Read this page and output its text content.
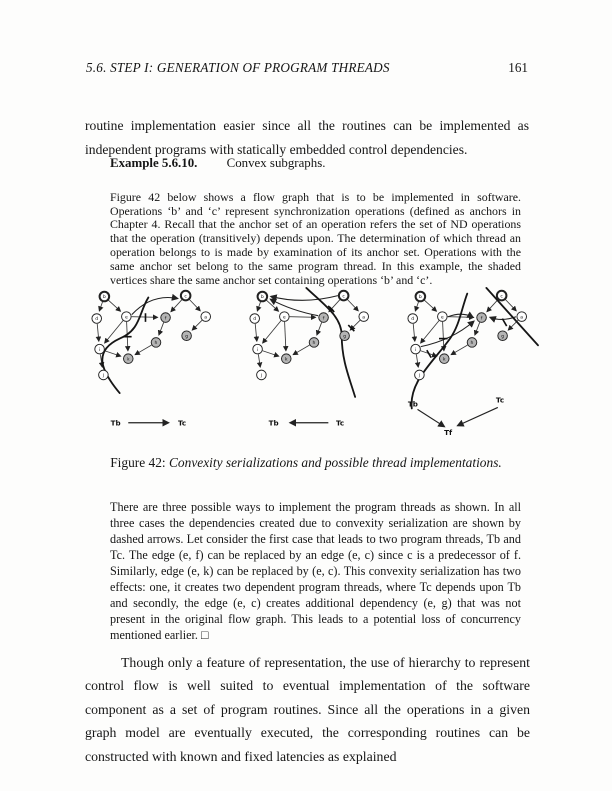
5.6. STEP I: GENERATION OF PROGRAM THREADS	161

routine implementation easier since all the routines can be implemented as independent programs with statically embedded control dependencies.

Example 5.6.10. Convex subgraphs.

Figure 42 below shows a flow graph that is to be implemented in software. Operations ‘b’ and ‘c’ represent synchronization operations (defined as anchors in Chapter 4. Recall that the anchor set of an operation refers the set of ND operations that the operation (transitively) depends upon. The determination of which thread an operation belongs to is made by examination of its anchor set. Operations with the same anchor set belong to the same program thread. In this example, the shaded vertices share the same anchor set containing operations ‘b’ and ‘c’.

b	c
d	e	f	a
g
h
i
j
k
Tb	Tc
b	c
d	e	f	a
g
h
i
j
k
Tb	Tc
b	c
d	e	f	a
g
h
i
j
k
Tb	Tc
Tf
Figure 42: Convexity serializations and possible thread implementations.

There are three possible ways to implement the program threads as shown. In all three cases the dependencies created due to convexity serialization are shown by dashed arrows. Let consider the first case that leads to two program threads, Tb and Tc. The edge (e, f) can be replaced by an edge (e, c) since c is a predecessor of f. Similarly, edge (e, k) can be replaced by (e, c). This convexity serialization has two effects: one, it creates two dependent program threads, where Tc depends upon Tb and secondly, the edge (e, c) creates additional dependency (e, g) that was not present in the original flow graph. This leads to a potential loss of concurrency mentioned earlier. □

Though only a feature of representation, the use of hierarchy to represent control flow is well suited to eventual implementation of the software component as a set of program routines. Since all the operations in a given graph model are eventually executed, the corresponding routines can be constructed with known and fixed latencies as explained
